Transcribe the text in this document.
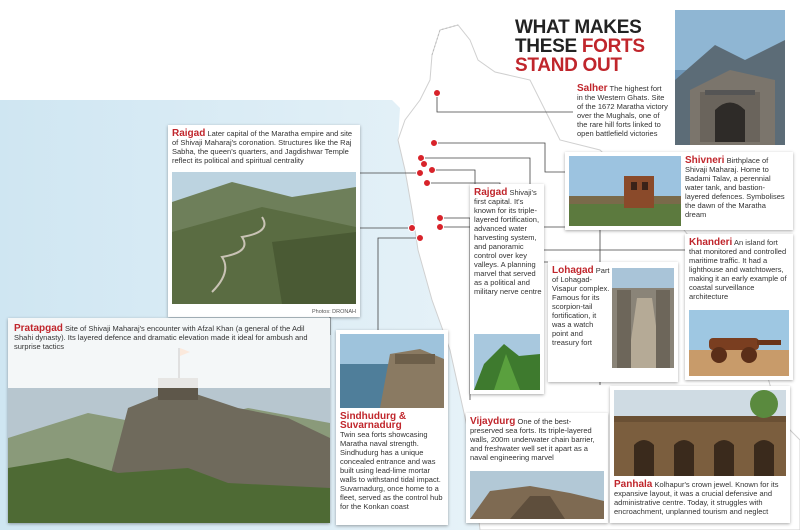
WHAT MAKES
THESE FORTS
STAND OUT
Salher The highest fort in the Western Ghats. Site of the 1672 Maratha victory over the Mughals, one of the rare hill forts linked to open battlefield victories
Shivneri Birthplace of Shivaji Maharaj. Home to Badami Talav, a perennial water tank, and bastion-layered defences. Symbolises the dawn of the Maratha dream
Khanderi An island fort that monitored and controlled maritime traffic. It had a lighthouse and watchtowers, making it an early example of coastal surveillance architecture
Raigad Later capital of the Maratha empire and site of Shivaji Maharaj's coronation. Structures like the Raj Sabha, the queen's quarters, and Jagdishwar Temple reflect its political and spiritual centrality
Photos: DRONAH
Rajgad Shivaji's first capital. It's known for its triple-layered fortification, advanced water harvesting system, and panoramic control over key valleys. A planning marvel that served as a political and military nerve centre
Lohagad Part of Lohagad-Visapur complex. Famous for its scorpion-tail fortification, it was a watch point and treasury fort
Pratapgad Site of Shivaji Maharaj's encounter with Afzal Khan (a general of the Adil Shahi dynasty). Its layered defence and dramatic elevation made it ideal for ambush and surprise tactics
Sindhudurg & Suvarnadurg
Twin sea forts showcasing Maratha naval strength. Sindhudurg has a unique concealed entrance and was built using lead-lime mortar walls to withstand tidal impact. Suvarnadurg, once home to a fleet, served as the control hub for the Konkan coast
Vijaydurg One of the best-preserved sea forts. Its triple-layered walls, 200m underwater chain barrier, and freshwater well set it apart as a naval engineering marvel
Panhala Kolhapur's crown jewel. Known for its expansive layout, it was a crucial defensive and administrative centre. Today, it struggles with encroachment, unplanned tourism and neglect
